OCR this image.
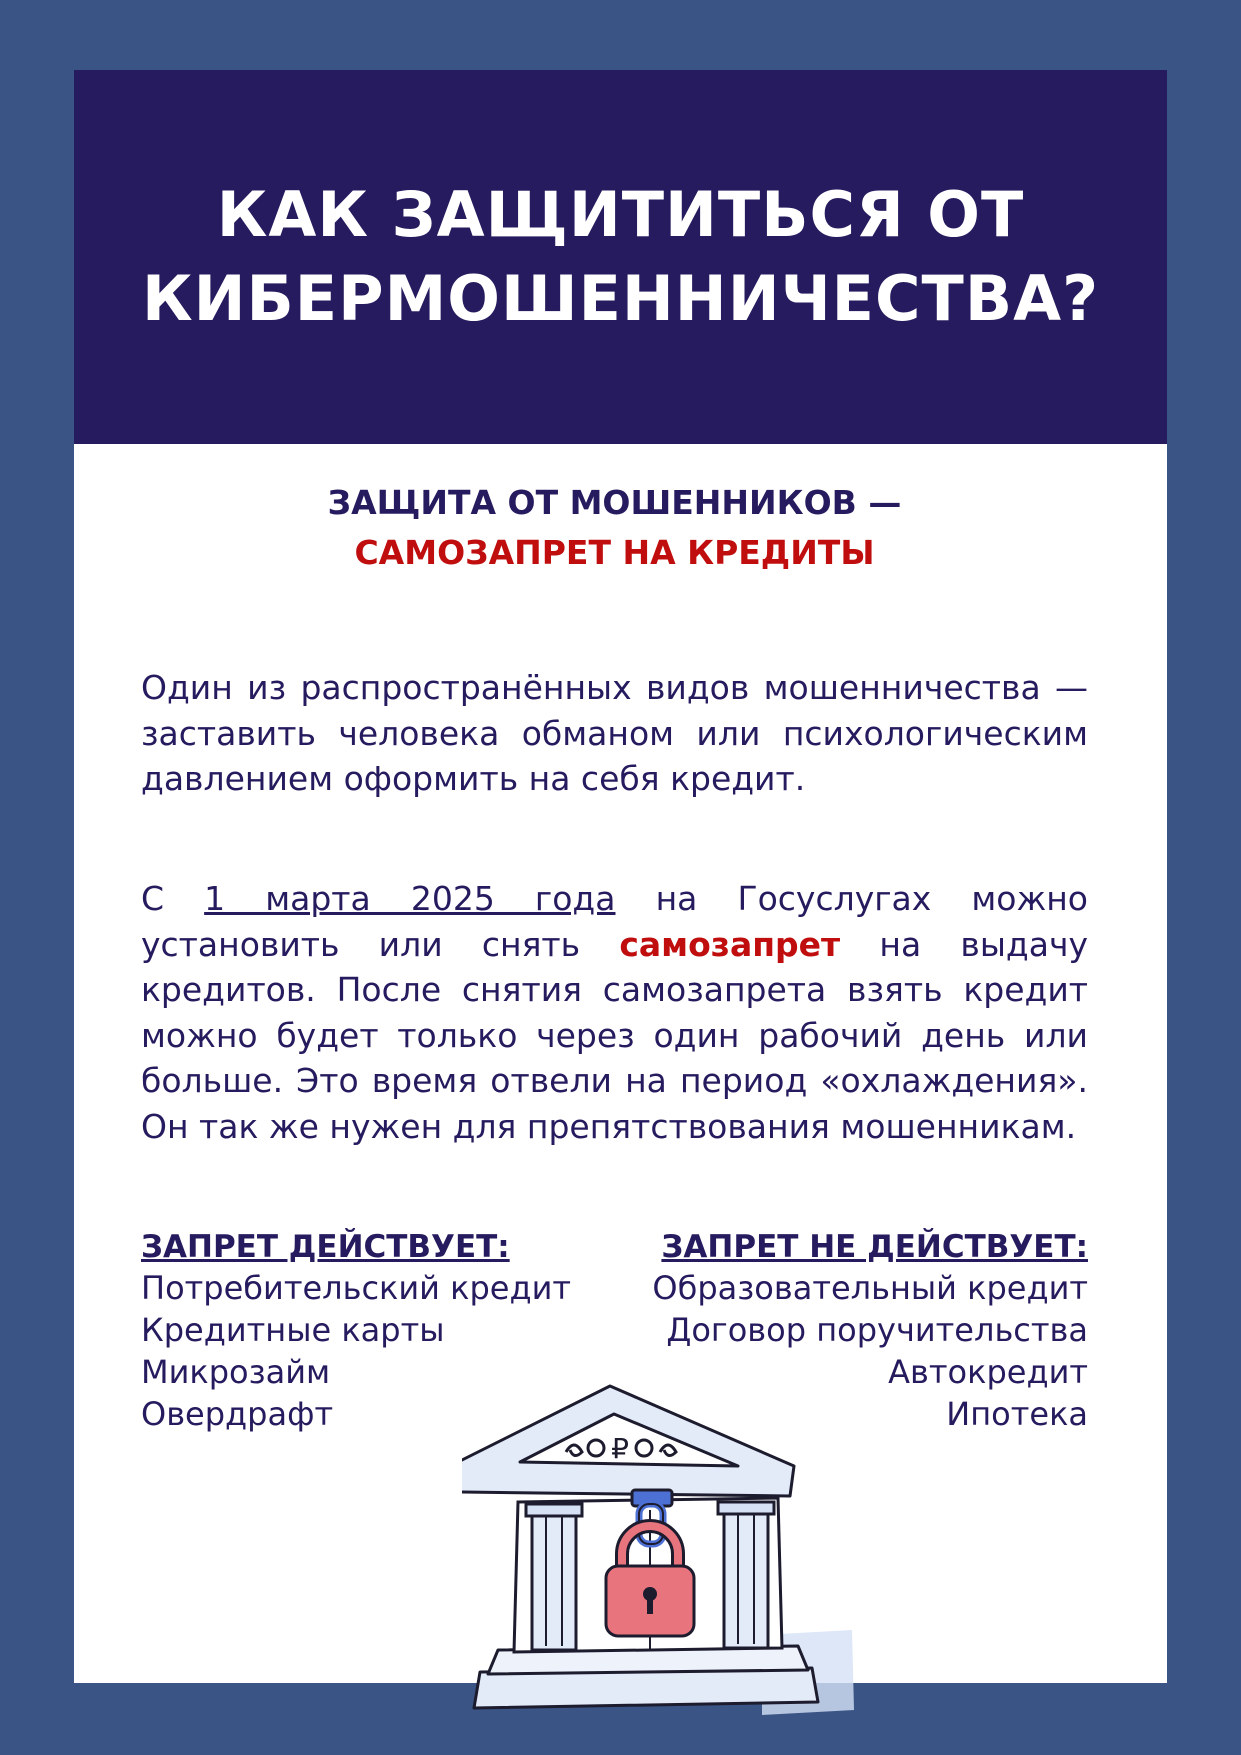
КАК ЗАЩИТИТЬСЯ ОТ
КИБЕРМОШЕННИЧЕСТВА?
ЗАЩИТА ОТ МОШЕННИКОВ —
САМОЗАПРЕТ НА КРЕДИТЫ

Один из распространённых видов мошенничества — заставить человека обманом или психологическим давлением оформить на себя кредит.

С 1 марта 2025 года на Госуслугах можно установить или снять самозапрет на выдачу кредитов. После снятия самозапрета взять кредит можно будет только через один рабочий день или больше. Это время отвели на период «охлаждения». Он так же нужен для препятствования мошенникам.

ЗАПРЕТ ДЕЙСТВУЕТ:	ЗАПРЕТ НЕ ДЕЙСТВУЕТ:
Потребительский кредит
Кредитные карты
Микрозайм
Овердрафт
Образовательный кредит
Договор поручительства
Автокредит
Ипотека
₽
